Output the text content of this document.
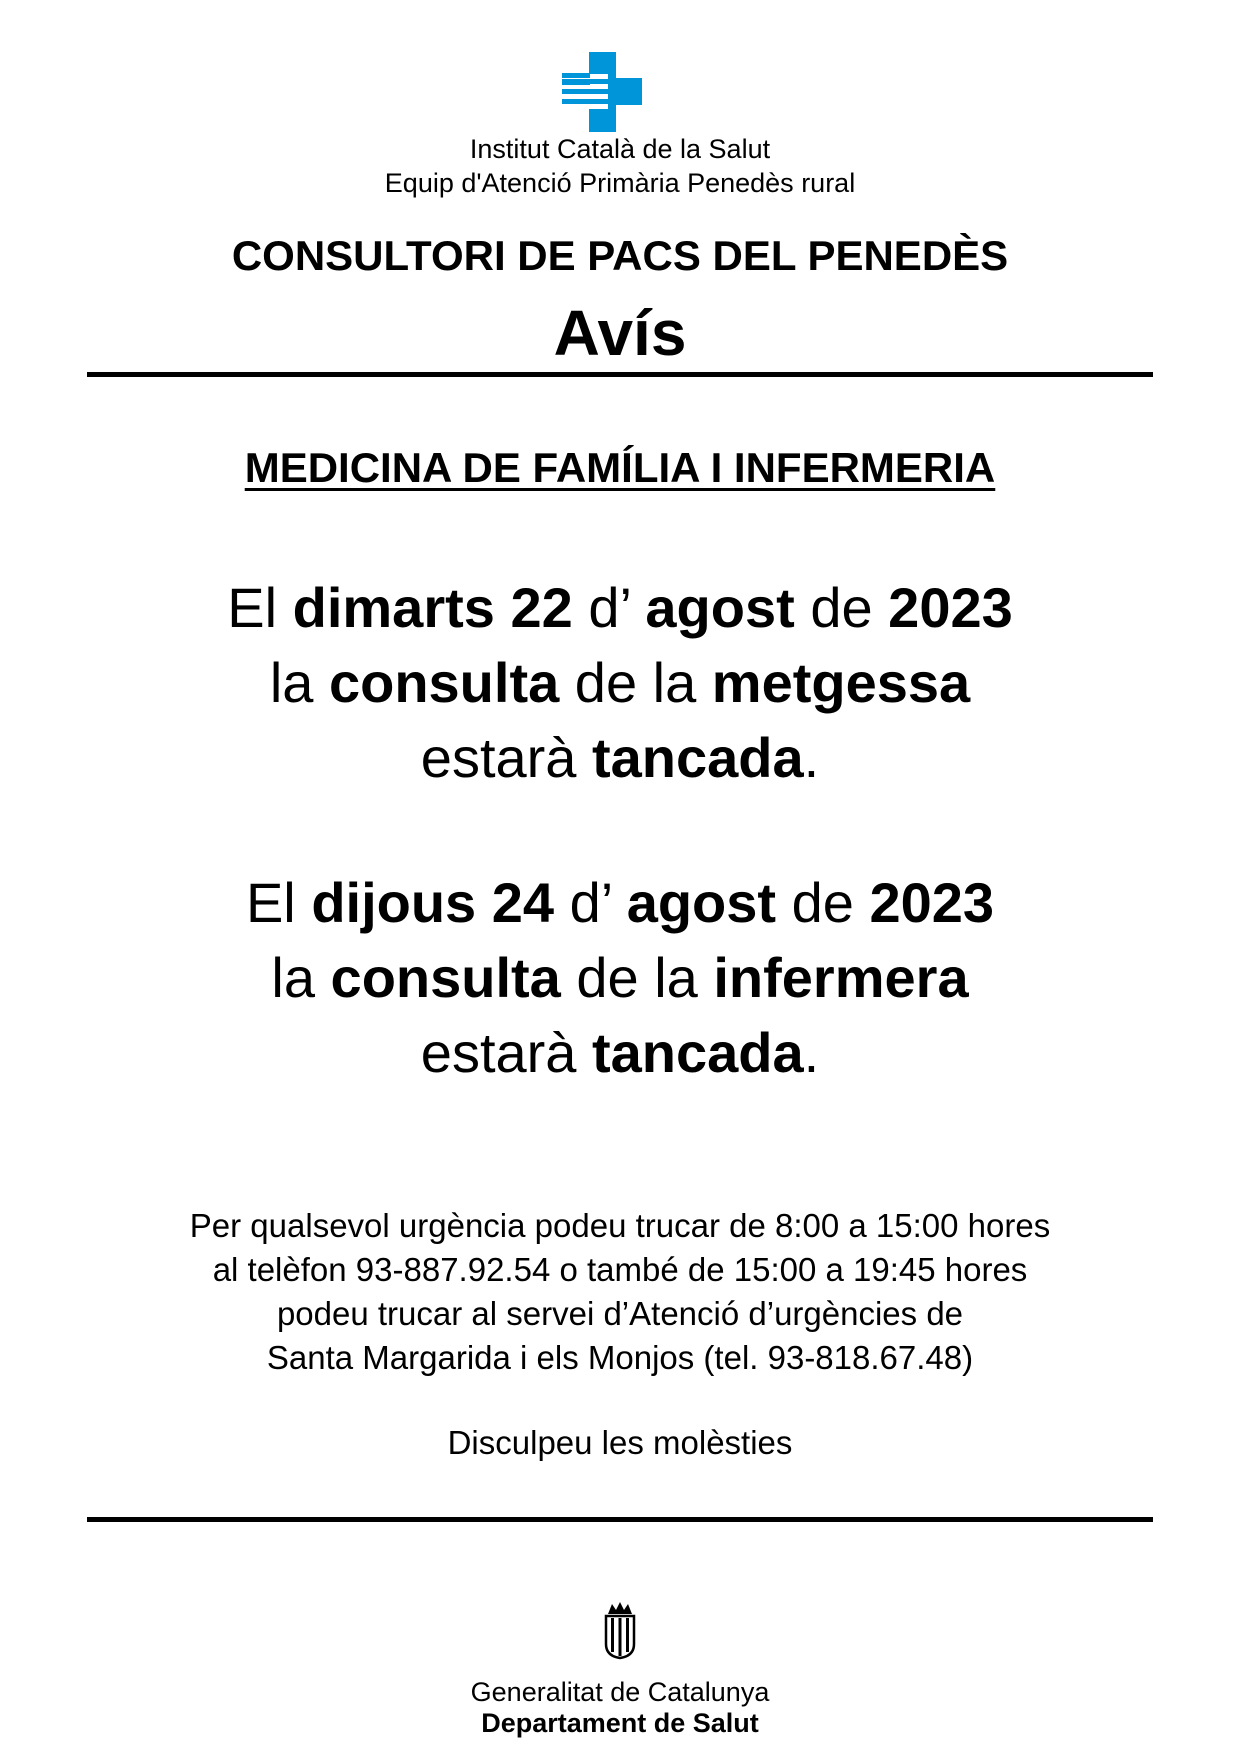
Institut Català de la Salut
Equip d'Atenció Primària Penedès rural
CONSULTORI DE PACS DEL PENEDÈS
Avís
MEDICINA DE FAMÍLIA I INFERMERIA
El dimarts 22 d’ agost de 2023
la consulta de la metgessa
estarà tancada.
El dijous 24 d’ agost de 2023
la consulta de la infermera
estarà tancada.
Per qualsevol urgència podeu trucar de 8:00 a 15:00 hores
al telèfon 93-887.92.54 o també de 15:00 a 19:45 hores
podeu trucar al servei d’Atenció d’urgències de
Santa Margarida i els Monjos (tel. 93-818.67.48)
Disculpeu les molèsties
Generalitat de Catalunya
Departament de Salut
